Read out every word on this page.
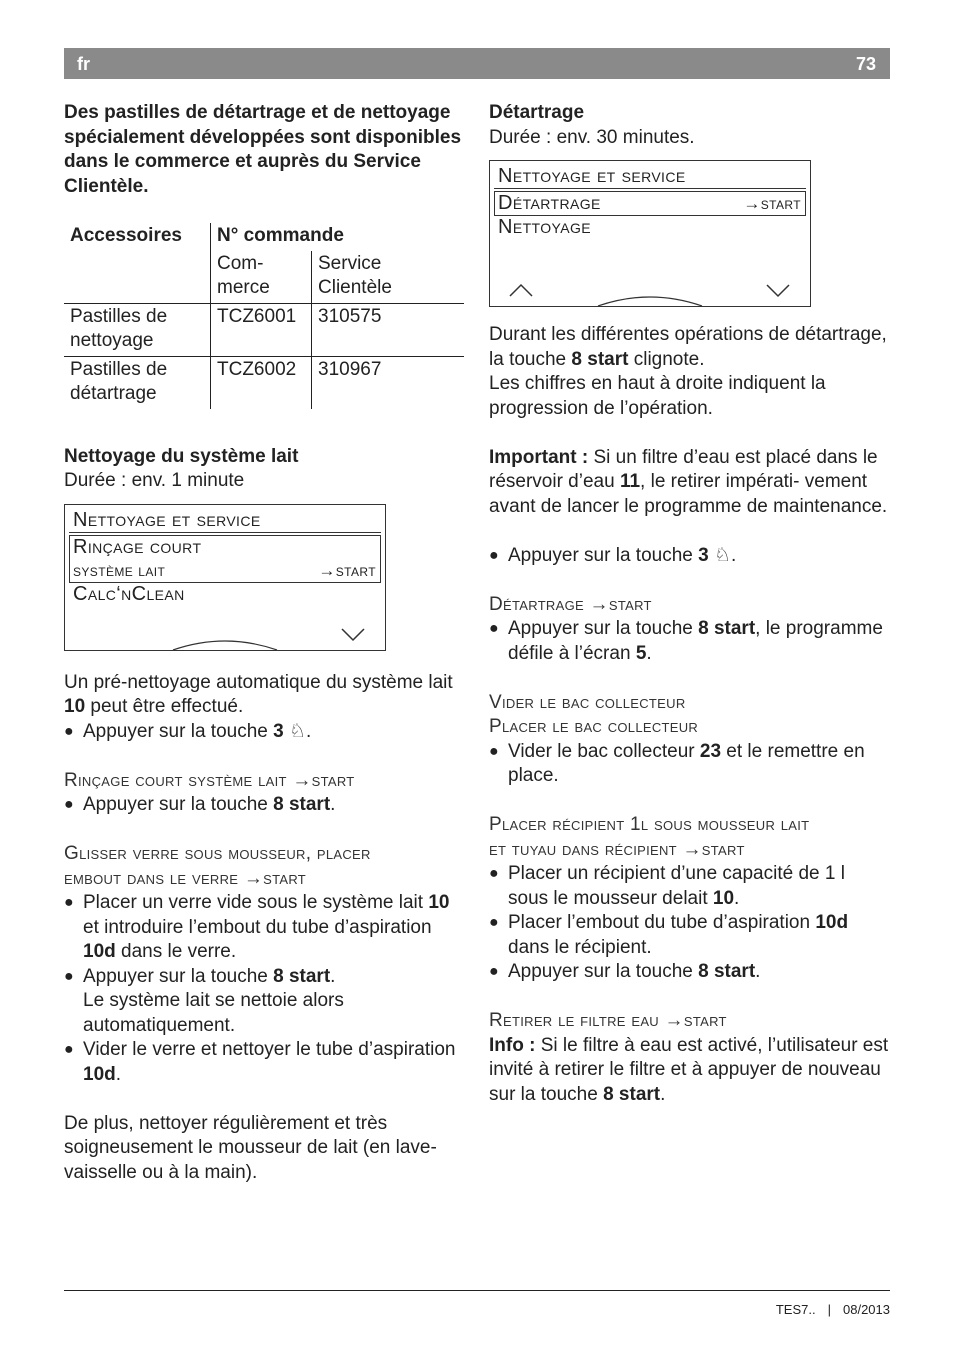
fr	73

Des pastilles de détartrage et de nettoyage spécialement développées sont disponibles dans le commerce et auprès du Service Clientèle.

Accessoires	N° commande	
	Com- merce	Service Clientèle
Pastilles de nettoyage	TCZ6001	310575
Pastilles de détartrage	TCZ6002	310967

Nettoyage du système lait

Durée : env. 1 minute

Nettoyage et service
Rinçage court
système lait	→start
Calc‘nClean

Un pré-nettoyage automatique du système lait 10 peut être effectué.

● Appuyer sur la touche 3 ♘.

Rinçage court système lait →start

● Appuyer sur la touche 8 start.

Glisser verre sous mousseur, placer

embout dans le verre →start

● Placer un verre vide sous le système lait 10 et introduire l’embout du tube d’aspiration 10d dans le verre.

● Appuyer sur la touche 8 start.

Le système lait se nettoie alors automatiquement.

● Vider le verre et nettoyer le tube d’aspiration 10d.

De plus, nettoyer régulièrement et très soigneusement le mousseur de lait (en lave-vaisselle ou à la main).

Détartrage

Durée : env. 30 minutes.

Nettoyage et service
Détartrage	→start
Nettoyage

Durant les différentes opérations de détartrage, la touche 8 start clignote.

Les chiffres en haut à droite indiquent la progression de l’opération.

Important : Si un filtre d’eau est placé dans le réservoir d’eau 11, le retirer impérati- vement avant de lancer le programme de maintenance.

● Appuyer sur la touche 3 ♘.

Détartrage →start

● Appuyer sur la touche 8 start, le programme défile à l’écran 5.

Vider le bac collecteur

Placer le bac collecteur

● Vider le bac collecteur 23 et le remettre en place.

Placer récipient 1l sous mousseur lait

et tuyau dans récipient →start

● Placer un récipient d’une capacité de 1 l sous le mousseur delait 10.

● Placer l’embout du tube d’aspiration 10d dans le récipient.

● Appuyer sur la touche 8 start.

Retirer le filtre eau →start

Info : Si le filtre à eau est activé, l’utilisateur est invité à retirer le filtre et à appuyer de nouveau sur la touche 8 start.

TES7.. | 08/2013
